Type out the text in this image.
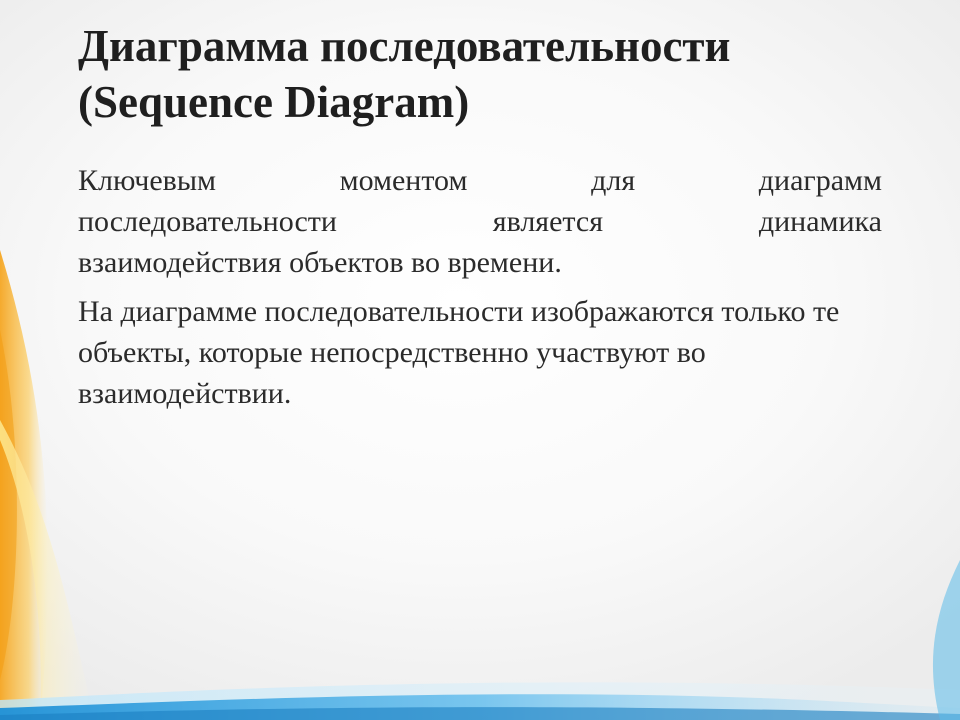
Диаграмма последовательности
(Sequence Diagram)
Ключевым	моментом	для	диаграмм
последовательности	является	динамика
взаимодействия объектов во времени.

На диаграмме последовательности изображаются только те объекты, которые непосредственно участвуют во взаимодействии.
